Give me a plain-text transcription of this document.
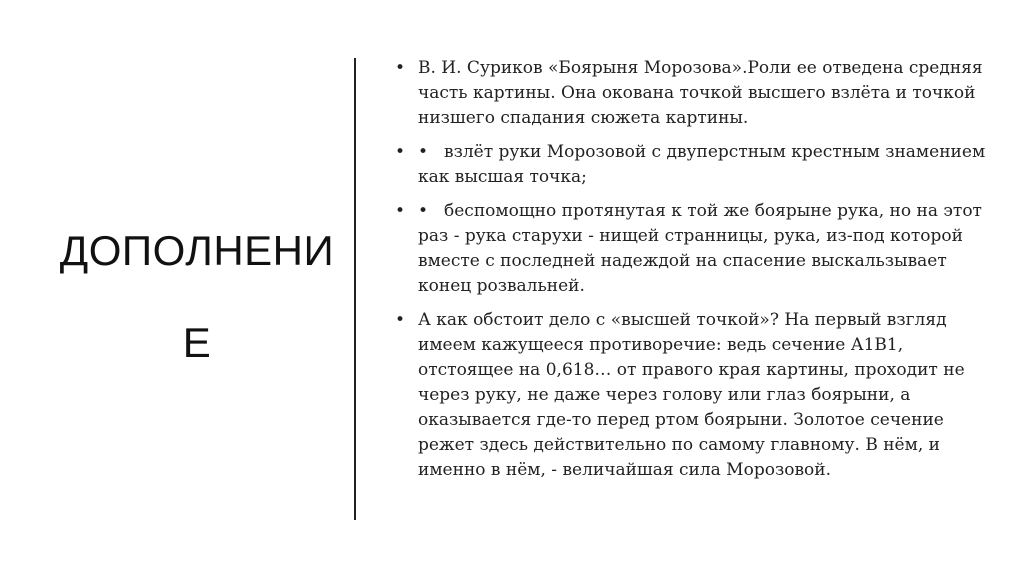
ДОПОЛНЕНИ
Е
• В. И. Суриков «Боярыня Морозова».Роли ее отведена средняя часть картины. Она окована точкой высшего взлёта и точкой низшего спадания сюжета картины.
• • взлёт руки Морозовой с двуперстным крестным знамением как высшая точка;
• • беспомощно протянутая к той же боярыне рука, но на этот раз - рука старухи - нищей странницы, рука, из-под которой вместе с последней надеждой на спасение выскальзывает конец розвальней.
• А как обстоит дело с «высшей точкой»? На первый взгляд имеем кажущееся противоречие: ведь сечение А1В1, отстоящее на 0,618… от правого края картины, проходит не через руку, не даже через голову или глаз боярыни, а оказывается где-то перед ртом боярыни. Золотое сечение режет здесь действительно по самому главному. В нём, и именно в нём, - величайшая сила Морозовой.
